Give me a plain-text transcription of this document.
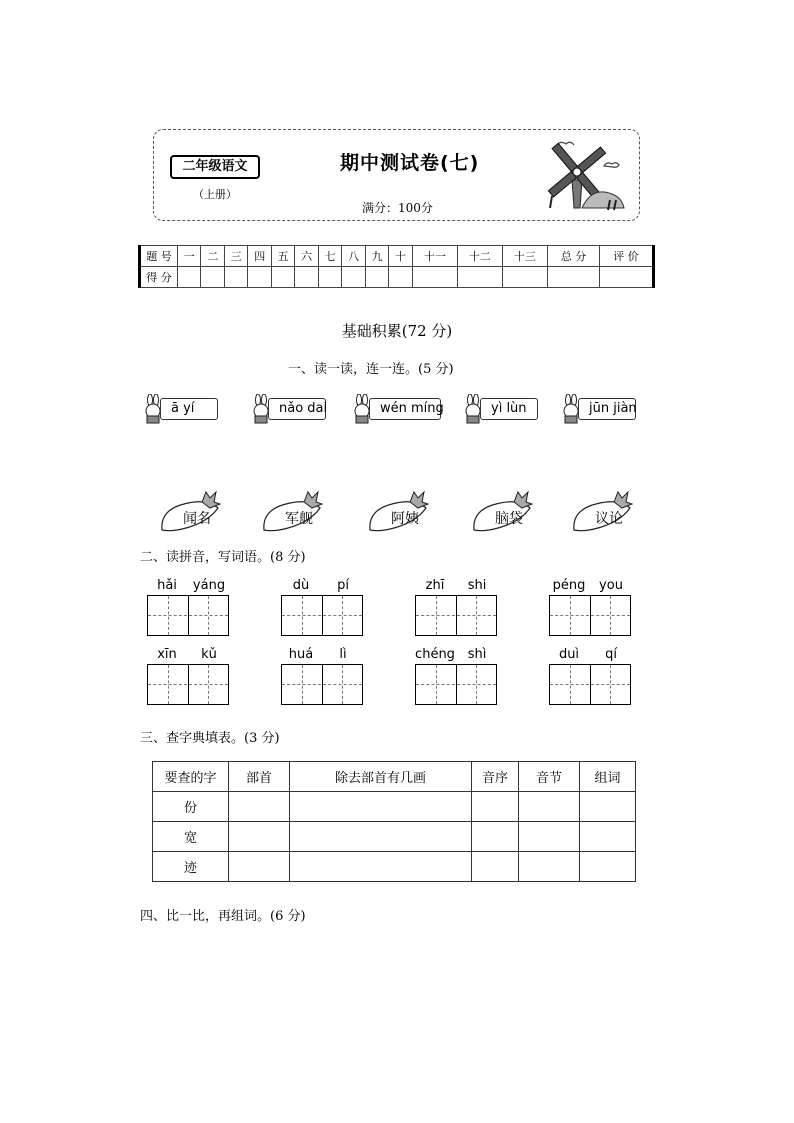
二年级语文
（上册）
期中测试卷(七)
满分：100分
题 号	一	二	三	四	五	六	七	八	九	十	十一	十二	十三	总 分	评 价
得 分															
基础积累(72 分)
一、读一读，连一连。(5 分)
ā yí	nǎo dai	wén míng	yì lùn	jūn jiàn
闻名	军舰	阿姨	脑袋	议论
二、读拼音，写词语。(8 分)
hǎi yáng	dù pí	zhī shi	péng you
xīn kǔ	huá lì	chéng shì	duì qí
三、查字典填表。(3 分)
要查的字	部首	除去部首有几画	音序	音节	组词
份					
宽					
迹					
四、比一比，再组词。(6 分)
